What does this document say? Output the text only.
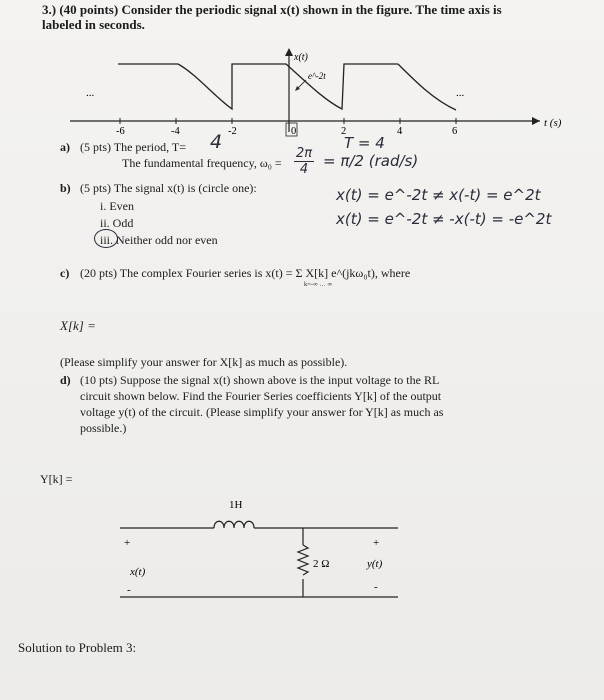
3.) (40 points) Consider the periodic signal x(t) shown in the figure. The time axis is
labeled in seconds.
-6	-4	-2	0	2	4	6
x(t)
e^-2t
...	...
t (s)
a) (5 pts) The period, T= 4	T = 4
The fundamental frequency, ω₀ =
2π
4 = π/2 (rad/s)
b) (5 pts) The signal x(t) is (circle one):
i. Even
ii. Odd
iii. Neither odd nor even
x(t) = e^-2t ≠ x(-t) = e^2t
x(t) = e^-2t ≠ -x(-t) = -e^2t
c) (20 pts) The complex Fourier series is x(t) = Σ X[k] e^(jkω₀t), where
k=-∞ … ∞
X[k] =
(Please simplify your answer for X[k] as much as possible).
d) (10 pts) Suppose the signal x(t) shown above is the input voltage to the RL
circuit shown below. Find the Fourier Series coefficients Y[k] of the output
voltage y(t) of the circuit. (Please simplify your answer for Y[k] as much as
possible.)
Y[k] =
1H
2 Ω
x(t)
+
-
y(t)
+
-
Solution to Problem 3:
